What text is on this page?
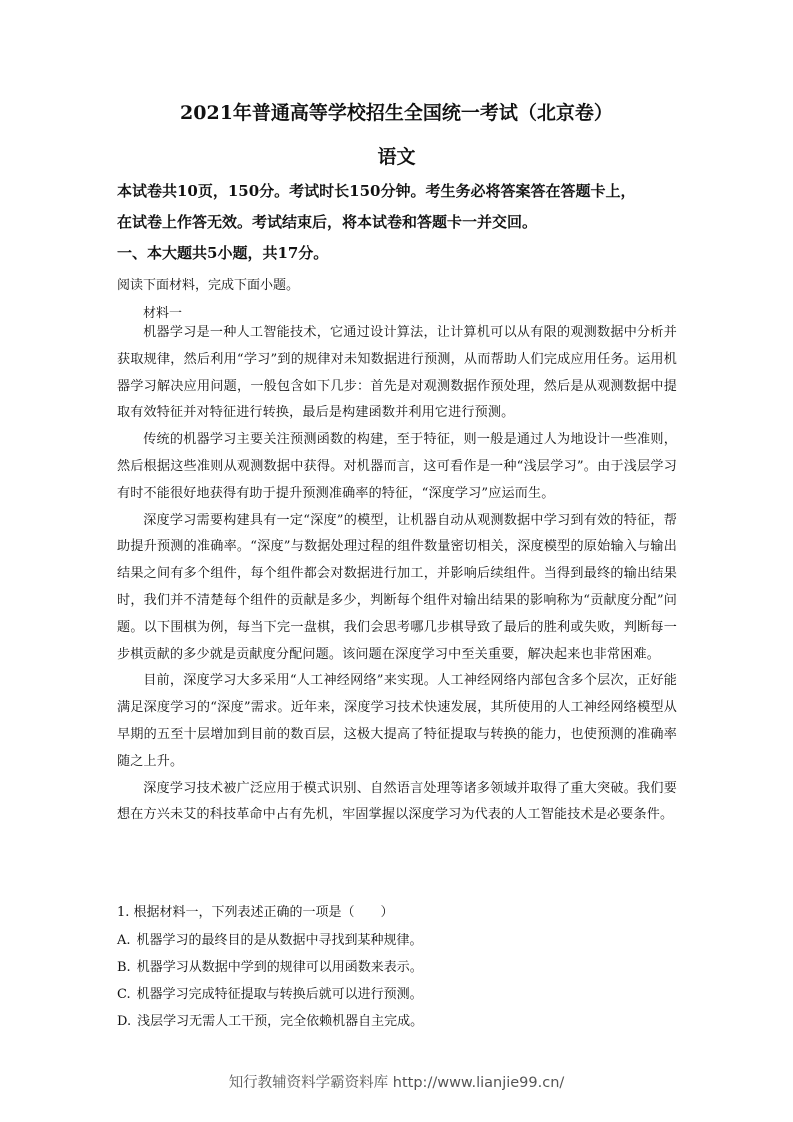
2021年普通高等学校招生全国统一考试（北京卷）
语文
本试卷共10页，150分。考试时长150分钟。考生务必将答案答在答题卡上，
在试卷上作答无效。考试结束后，将本试卷和答题卡一并交回。
一、本大题共5小题，共17分。
阅读下面材料，完成下面小题。
材料一

机器学习是一种人工智能技术，它通过设计算法，让计算机可以从有限的观测数据中分析并获取规律，然后利用“学习”到的规律对未知数据进行预测，从而帮助人们完成应用任务。运用机器学习解决应用问题，一般包含如下几步：首先是对观测数据作预处理，然后是从观测数据中提取有效特征并对特征进行转换，最后是构建函数并利用它进行预测。

传统的机器学习主要关注预测函数的构建，至于特征，则一般是通过人为地设计一些准则，然后根据这些准则从观测数据中获得。对机器而言，这可看作是一种“浅层学习”。由于浅层学习有时不能很好地获得有助于提升预测准确率的特征，“深度学习”应运而生。

深度学习需要构建具有一定“深度”的模型，让机器自动从观测数据中学习到有效的特征，帮助提升预测的准确率。“深度”与数据处理过程的组件数量密切相关，深度模型的原始输入与输出结果之间有多个组件，每个组件都会对数据进行加工，并影响后续组件。当得到最终的输出结果时，我们并不清楚每个组件的贡献是多少，判断每个组件对输出结果的影响称为“贡献度分配”问题。以下围棋为例，每当下完一盘棋，我们会思考哪几步棋导致了最后的胜利或失败，判断每一步棋贡献的多少就是贡献度分配问题。该问题在深度学习中至关重要，解决起来也非常困难。

目前，深度学习大多采用“人工神经网络”来实现。人工神经网络内部包含多个层次，正好能满足深度学习的“深度”需求。近年来，深度学习技术快速发展，其所使用的人工神经网络模型从早期的五至十层增加到目前的数百层，这极大提高了特征提取与转换的能力，也使预测的准确率随之上升。

深度学习技术被广泛应用于模式识别、自然语言处理等诸多领域并取得了重大突破。我们要想在方兴未艾的科技革命中占有先机，牢固掌握以深度学习为代表的人工智能技术是必要条件。

1. 根据材料一，下列表述正确的一项是（　　）
A. 机器学习的最终目的是从数据中寻找到某种规律。
B. 机器学习从数据中学到的规律可以用函数来表示。
C. 机器学习完成特征提取与转换后就可以进行预测。
D. 浅层学习无需人工干预，完全依赖机器自主完成。
知行教辅资料学霸资料库 http://www.lianjie99.cn/
